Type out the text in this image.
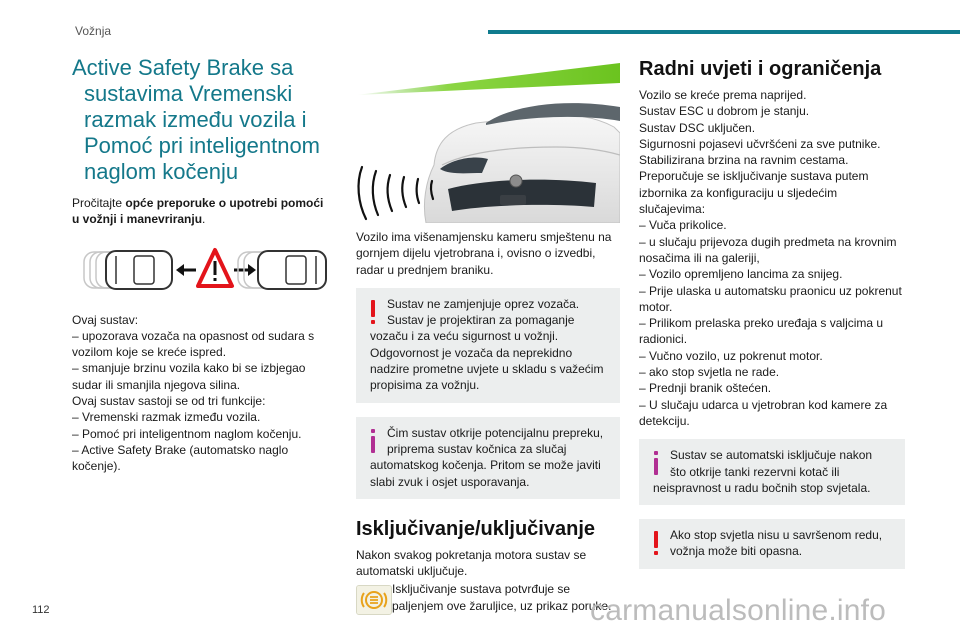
Vožnja
Active Safety Brake sa
sustavima Vremenski
razmak između vozila i
Pomoć pri inteligentnom
naglom kočenju

Pročitajte opće preporuke o upotrebi pomoći u vožnji i manevriranju.

Ovaj sustav:

– upozorava vozača na opasnost od sudara s vozilom koje se kreće ispred.

– smanjuje brzinu vozila kako bi se izbjegao sudar ili smanjila njegova silina.

Ovaj sustav sastoji se od tri funkcije:

– Vremenski razmak između vozila.

– Pomoć pri inteligentnom naglom kočenju.

– Active Safety Brake (automatsko naglo kočenje).

Vozilo ima višenamjensku kameru smještenu na gornjem dijelu vjetrobrana i, ovisno o izvedbi, radar u prednjem braniku.

Sustav ne zamjenjuje oprez vozača.

Sustav je projektiran za pomaganje

vozaču i za veću sigurnost u vožnji. Odgovornost je vozača da neprekidno nadzire prometne uvjete u skladu s važećim propisima za vožnju.

Čim sustav otkrije potencijalnu prepreku,

priprema sustav kočnica za slučaj

automatskog kočenja. Pritom se može javiti slabi zvuk i osjet usporavanja.

Isključivanje/uključivanje

Nakon svakog pokretanja motora sustav se automatski uključuje.

Isključivanje sustava potvrđuje se paljenjem ove žaruljice, uz prikaz poruke.

Radni uvjeti i ograničenja

Vozilo se kreće prema naprijed.

Sustav ESC u dobrom je stanju.

Sustav DSC uključen.

Sigurnosni pojasevi učvršćeni za sve putnike.

Stabilizirana brzina na ravnim cestama.

Preporučuje se isključivanje sustava putem izbornika za konfiguraciju u sljedećim slučajevima:

– Vuča prikolice.

– u slučaju prijevoza dugih predmeta na krovnim nosačima ili na galeriji,

– Vozilo opremljeno lancima za snijeg.

– Prije ulaska u automatsku praonicu uz pokrenut motor.

– Prilikom prelaska preko uređaja s valjcima u radionici.

– Vučno vozilo, uz pokrenut motor.

– ako stop svjetla ne rade.

– Prednji branik oštećen.

– U slučaju udarca u vjetrobran kod kamere za detekciju.

Sustav se automatski isključuje nakon

što otkrije tanki rezervni kotač ili

neispravnost u radu bočnih stop svjetala.

Ako stop svjetla nisu u savršenom redu,

vožnja može biti opasna.

112	carmanualsonline.info
